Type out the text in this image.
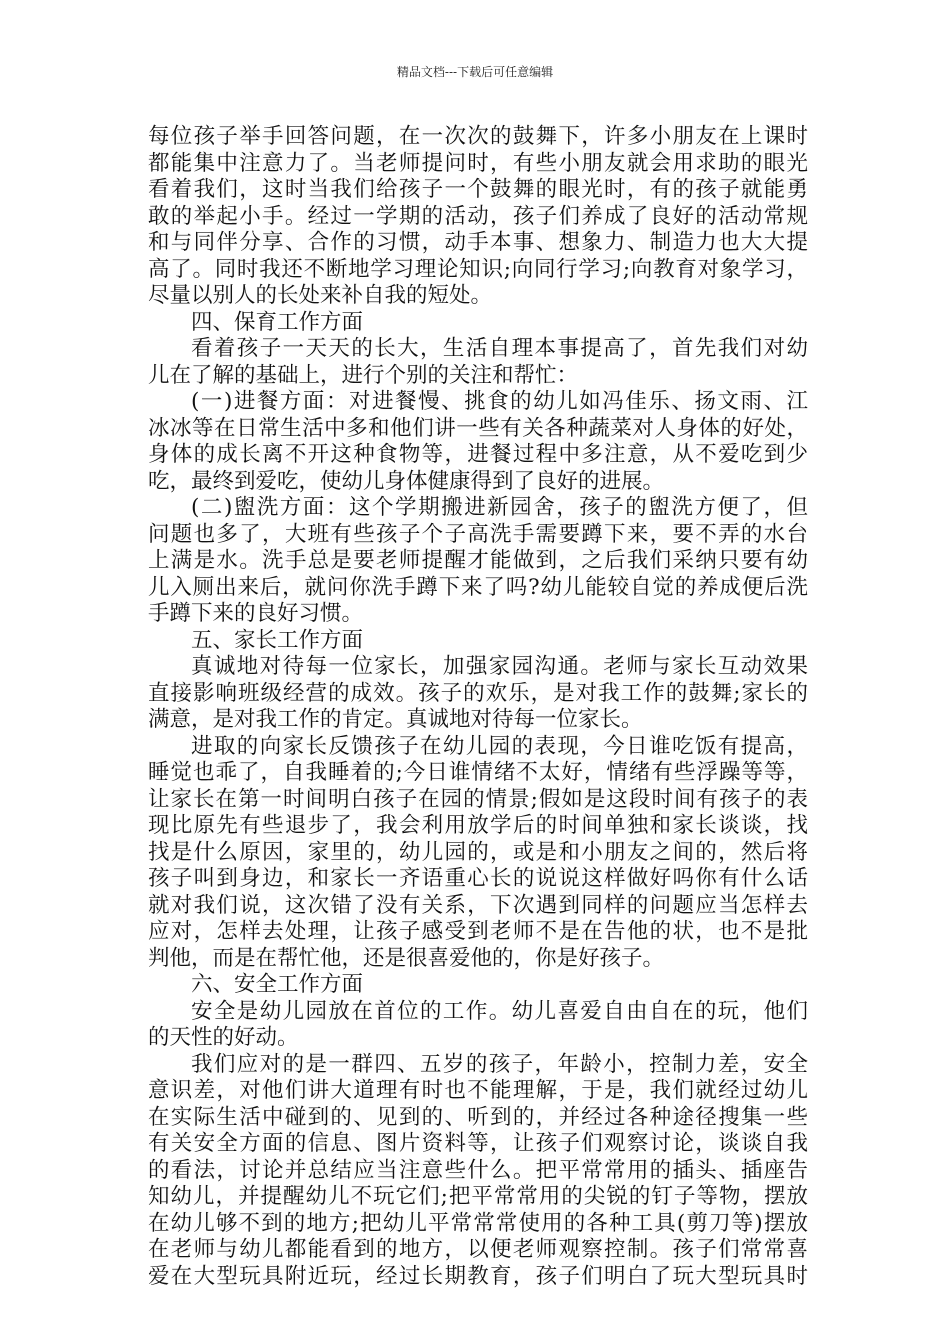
精品文档---下载后可任意编辑
每位孩子举手回答问题，在一次次的鼓舞下，许多小朋友在上课时
都能集中注意力了。当老师提问时，有些小朋友就会用求助的眼光
看着我们，这时当我们给孩子一个鼓舞的眼光时，有的孩子就能勇
敢的举起小手。经过一学期的活动，孩子们养成了良好的活动常规
和与同伴分享、合作的习惯，动手本事、想象力、制造力也大大提
高了。同时我还不断地学习理论知识;向同行学习;向教育对象学习，
尽量以别人的长处来补自我的短处。
四、保育工作方面
看着孩子一天天的长大，生活自理本事提高了，首先我们对幼
儿在了解的基础上，进行个别的关注和帮忙：
(一)进餐方面：对进餐慢、挑食的幼儿如冯佳乐、扬文雨、江
冰冰等在日常生活中多和他们讲一些有关各种蔬菜对人身体的好处，
身体的成长离不开这种食物等，进餐过程中多注意，从不爱吃到少
吃，最终到爱吃，使幼儿身体健康得到了良好的进展。
(二)盥洗方面：这个学期搬进新园舍，孩子的盥洗方便了，但
问题也多了，大班有些孩子个子高洗手需要蹲下来，要不弄的水台
上满是水。洗手总是要老师提醒才能做到，之后我们采纳只要有幼
儿入厕出来后，就问你洗手蹲下来了吗?幼儿能较自觉的养成便后洗
手蹲下来的良好习惯。
五、家长工作方面
真诚地对待每一位家长，加强家园沟通。老师与家长互动效果
直接影响班级经营的成效。孩子的欢乐，是对我工作的鼓舞;家长的
满意，是对我工作的肯定。真诚地对待每一位家长。
进取的向家长反馈孩子在幼儿园的表现，今日谁吃饭有提高，
睡觉也乖了，自我睡着的;今日谁情绪不太好，情绪有些浮躁等等，
让家长在第一时间明白孩子在园的情景;假如是这段时间有孩子的表
现比原先有些退步了，我会利用放学后的时间单独和家长谈谈，找
找是什么原因，家里的，幼儿园的，或是和小朋友之间的，然后将
孩子叫到身边，和家长一齐语重心长的说说这样做好吗你有什么话
就对我们说，这次错了没有关系，下次遇到同样的问题应当怎样去
应对，怎样去处理，让孩子感受到老师不是在告他的状，也不是批
判他，而是在帮忙他，还是很喜爱他的，你是好孩子。
六、安全工作方面
安全是幼儿园放在首位的工作。幼儿喜爱自由自在的玩，他们
的天性的好动。
我们应对的是一群四、五岁的孩子，年龄小，控制力差，安全
意识差，对他们讲大道理有时也不能理解，于是，我们就经过幼儿
在实际生活中碰到的、见到的、听到的，并经过各种途径搜集一些
有关安全方面的信息、图片资料等，让孩子们观察讨论，谈谈自我
的看法，讨论并总结应当注意些什么。把平常常用的插头、插座告
知幼儿，并提醒幼儿不玩它们;把平常常用的尖锐的钉子等物，摆放
在幼儿够不到的地方;把幼儿平常常常使用的各种工具(剪刀等)摆放
在老师与幼儿都能看到的地方，以便老师观察控制。孩子们常常喜
爱在大型玩具附近玩，经过长期教育，孩子们明白了玩大型玩具时
